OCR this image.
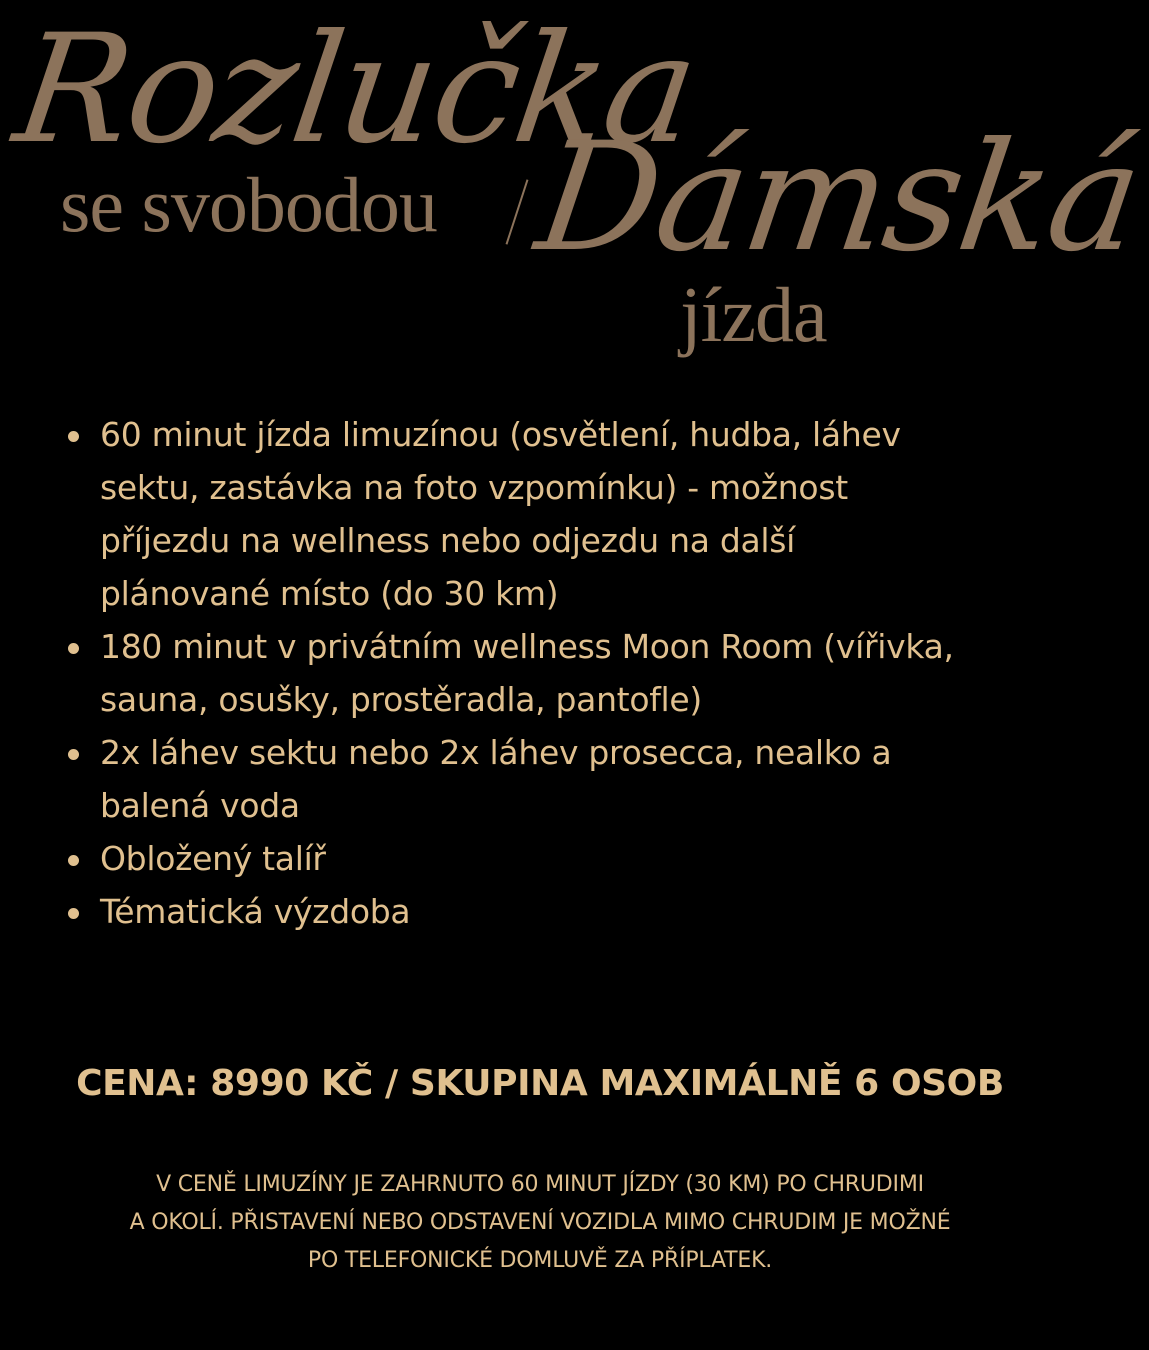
Rozlučka
se svobodou Dámská
jízda
60 minut jízda limuzínou (osvětlení, hudba, láhev
sektu, zastávka na foto vzpomínku) - možnost
příjezdu na wellness nebo odjezdu na další
plánované místo (do 30 km)
180 minut v privátním wellness Moon Room (vířivka,
sauna, osušky, prostěradla, pantofle)
2x láhev sektu nebo 2x láhev prosecca, nealko a
balená voda
Obložený talíř
Tématická výzdoba
CENA: 8990 KČ / SKUPINA MAXIMÁLNĚ 6 OSOB
V CENĚ LIMUZÍNY JE ZAHRNUTO 60 MINUT JÍZDY (30 KM) PO CHRUDIMI
A OKOLÍ. PŘISTAVENÍ NEBO ODSTAVENÍ VOZIDLA MIMO CHRUDIM JE MOŽNÉ
PO TELEFONICKÉ DOMLUVĚ ZA PŘÍPLATEK.
